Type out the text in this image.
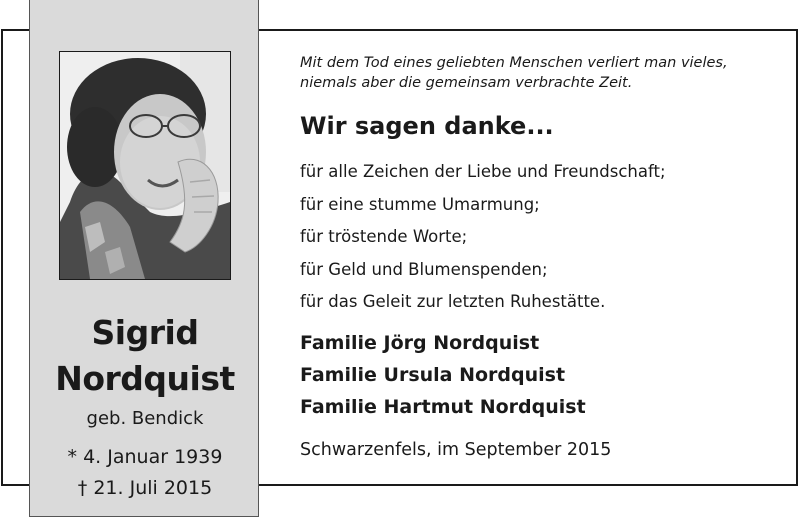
Sigrid
Nordquist
geb. Bendick
* 4. Januar 1939
† 21. Juli 2015
Mit dem Tod eines geliebten Menschen verliert man vieles,
niemals aber die gemeinsam verbrachte Zeit.
Wir sagen danke...
für alle Zeichen der Liebe und Freundschaft;
für eine stumme Umarmung;
für tröstende Worte;
für Geld und Blumenspenden;
für das Geleit zur letzten Ruhestätte.
Familie Jörg Nordquist
Familie Ursula Nordquist
Familie Hartmut Nordquist
Schwarzenfels, im September 2015
